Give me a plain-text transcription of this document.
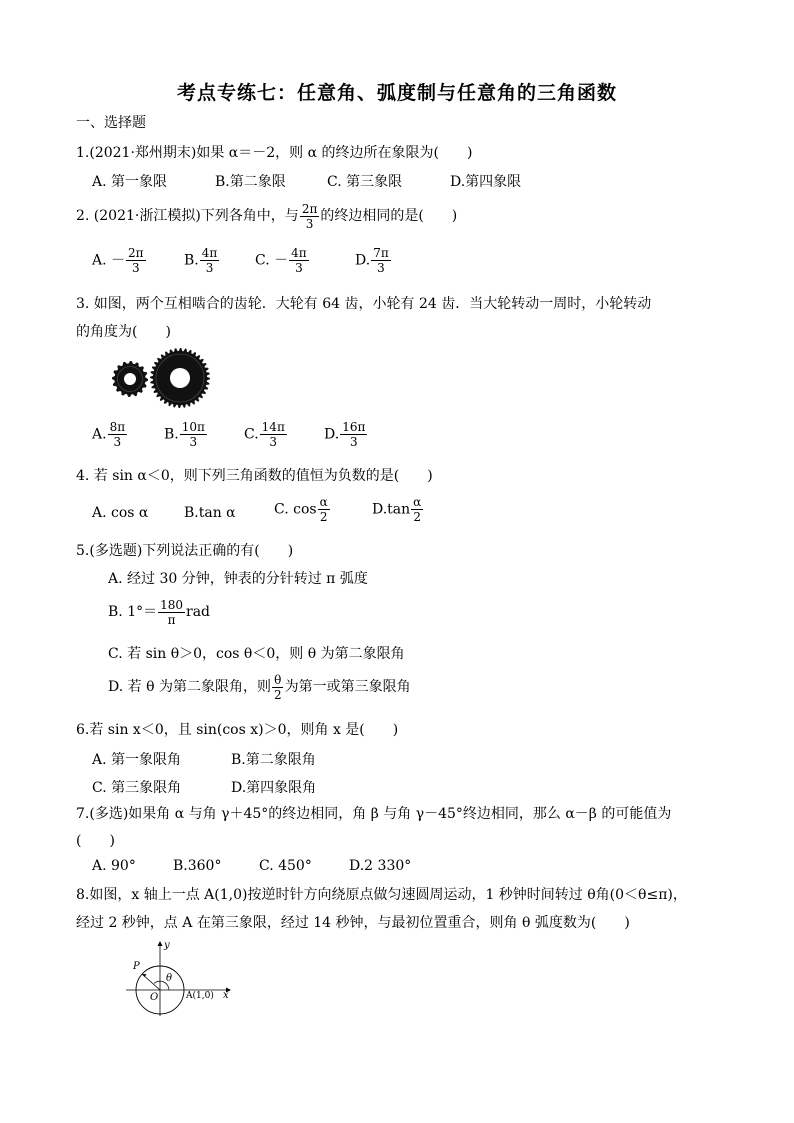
考点专练七：任意角、弧度制与任意角的三角函数
一、选择题
1.(2021·郑州期末)如果 α＝－2，则 α 的终边所在象限为(　　)
A. 第一象限	B.第二象限	C. 第三象限	D.第四象限
2. (2021·浙江模拟)下列各角中，与 $\frac{2\pi}{3}$ 的终边相同的是(　　)
A. － $\frac{2\pi}{3}$	B. $\frac{4\pi}{3}$	C. － $\frac{4\pi}{3}$	D. $\frac{7\pi}{3}$
3. 如图，两个互相啮合的齿轮．大轮有 64 齿，小轮有 24 齿．当大轮转动一周时，小轮转动
的角度为(　　)
A. $\frac{8\pi}{3}$	B. $\frac{10\pi}{3}$	C. $\frac{14\pi}{3}$	D. $\frac{16\pi}{3}$
4. 若 sin α＜0，则下列三角函数的值恒为负数的是(　　)
A. cos α	B.tan α	C. $\cos \frac{\alpha}{2}$	$D.\tan \frac{\alpha}{2}$
5.(多选题)下列说法正确的有(　　)
A. 经过 30 分钟，钟表的分针转过 π 弧度
B. $1^\circ= \frac{180}{\pi}$ rad
C. 若 sin θ＞0，cos θ＜0，则 θ 为第二象限角
D. 若 θ 为第二象限角，则 $\frac{\theta}{2}$ 为第一或第三象限角
6.若 sin x＜0，且 sin(cos x)＞0，则角 x 是(　　)
A. 第一象限角	B.第二象限角
C. 第三象限角	D.第四象限角
7.(多选)如果角 α 与角 γ＋45°的终边相同，角 β 与角 γ－45°终边相同，那么 α－β 的可能值为
(　　)
A. 90°	B.360°	C. 450°	D.2 330°
8.如图，x 轴上一点 A(1,0)按逆时针方向绕原点做匀速圆周运动，1 秒钟时间转过 θ角(0＜θ≤π)，
经过 2 秒钟，点 A 在第三象限，经过 14 秒钟，与最初位置重合，则角 θ 弧度数为(　　)
y
x
P
O
θ
A(1,0)
